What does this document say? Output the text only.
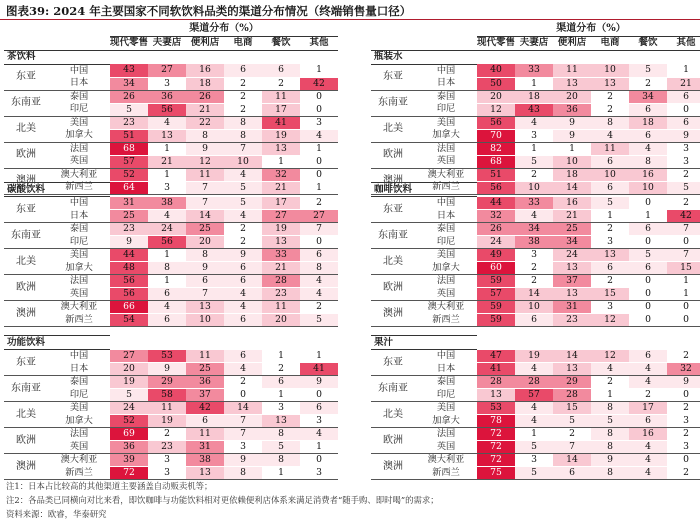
图表39: 2024 年主要国家不同软饮料品类的渠道分布情况（终端销售量口径）
		渠道分布（%）					
		现代零售	夫妻店	便利店	电商	餐饮	其他
茶饮料							
东亚	中国	43	27	16	6	6	1
	日本	34	3	18	2	2	42
东南亚	泰国	26	36	26	2	11	0
	印尼	5	56	21	2	17	0
北美	美国	23	4	22	8	41	3
	加拿大	51	13	8	8	19	4
欧洲	法国	68	1	9	7	13	1
	英国	57	21	12	10	1	0
澳洲	澳大利亚	52	1	11	4	32	0
	新西兰	64	3	7	5	21	1
		渠道分布（%）					
		现代零售	夫妻店	便利店	电商	餐饮	其他
瓶装水							
东亚	中国	40	33	11	10	5	1
	日本	50	1	13	13	2	21
东南亚	泰国	20	18	20	2	34	6
	印尼	12	43	36	2	6	0
北美	美国	56	4	9	8	18	6
	加拿大	70	3	9	4	6	9
欧洲	法国	82	1	1	11	4	3
	英国	68	5	10	6	8	3
澳洲	澳大利亚	51	2	18	10	16	2
	新西兰	56	10	14	6	10	5
碳酸饮料							
东亚	中国	31	38	7	5	17	2
	日本	25	4	14	4	27	27
东南亚	泰国	23	24	25	2	19	7
	印尼	9	56	20	2	13	0
北美	美国	44	1	8	9	33	6
	加拿大	48	8	9	6	21	8
欧洲	法国	56	1	6	6	28	4
	英国	56	6	7	4	23	4
澳洲	澳大利亚	66	4	13	4	11	2
	新西兰	54	6	10	6	20	5
咖啡饮料							
东亚	中国	44	33	16	5	0	2
	日本	32	4	21	1	1	42
东南亚	泰国	26	34	25	2	6	7
	印尼	24	38	34	3	0	0
北美	美国	49	3	24	13	5	7
	加拿大	60	2	13	6	6	15
欧洲	法国	59	2	37	2	0	1
	英国	57	14	13	15	0	1
澳洲	澳大利亚	59	10	31	3	0	0
	新西兰	59	6	23	12	0	0
功能饮料							
东亚	中国	27	53	11	6	1	1
	日本	20	9	25	4	2	41
东南亚	泰国	19	29	36	2	6	9
	印尼	5	58	37	0	1	0
北美	美国	24	11	42	14	3	6
	加拿大	52	19	6	7	13	3
欧洲	法国	69	2	11	7	8	4
	英国	36	23	31	3	5	1
澳洲	澳大利亚	39	3	38	9	8	0
	新西兰	72	3	13	8	1	3
果汁							
东亚	中国	47	19	14	12	6	2
	日本	41	4	13	4	4	32
东南亚	泰国	28	28	29	2	4	9
	印尼	13	57	28	1	2	0
北美	美国	53	4	15	8	17	2
	加拿大	78	4	5	5	6	3
欧洲	法国	72	1	2	8	16	2
	英国	72	5	7	8	4	3
澳洲	澳大利亚	72	3	14	9	4	0
	新西兰	75	5	6	8	4	2
注1：日本占比较高的其他渠道主要涵盖自动贩卖机等；
注2：各品类已同横向对比来看，即饮咖啡与功能饮料相对更依赖便利店体系来满足消费者“随手购、即时喝”的需求；
资料来源：欧睿，华泰研究
